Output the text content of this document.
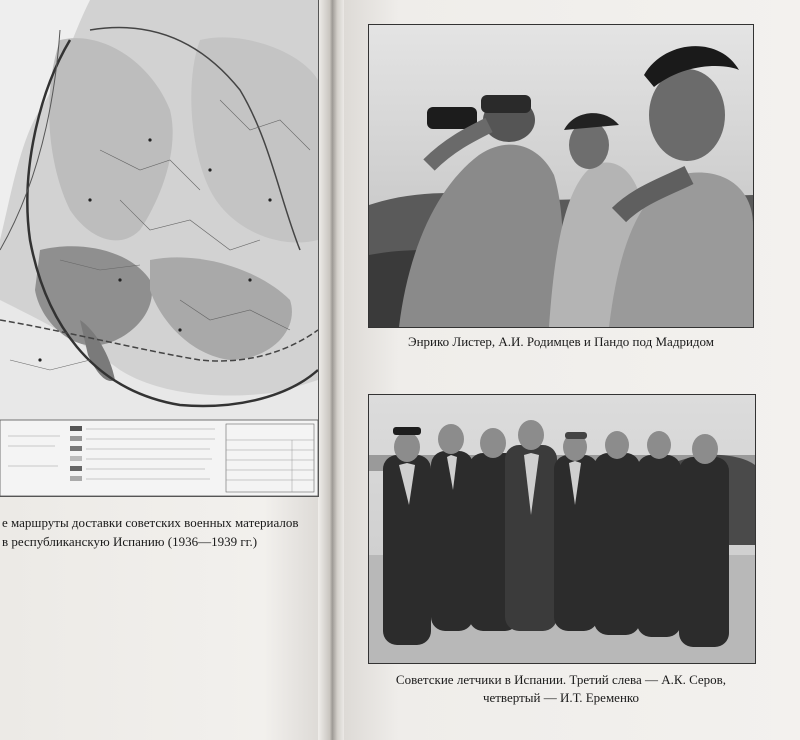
е маршруты доставки советских военных материалов
в республиканскую Испанию (1936—1939 гг.)
Энрико Листер, А.И. Родимцев и Пандо под Мадридом
Советские летчики в Испании. Третий слева — А.К. Серов,
четвертый — И.Т. Еременко
